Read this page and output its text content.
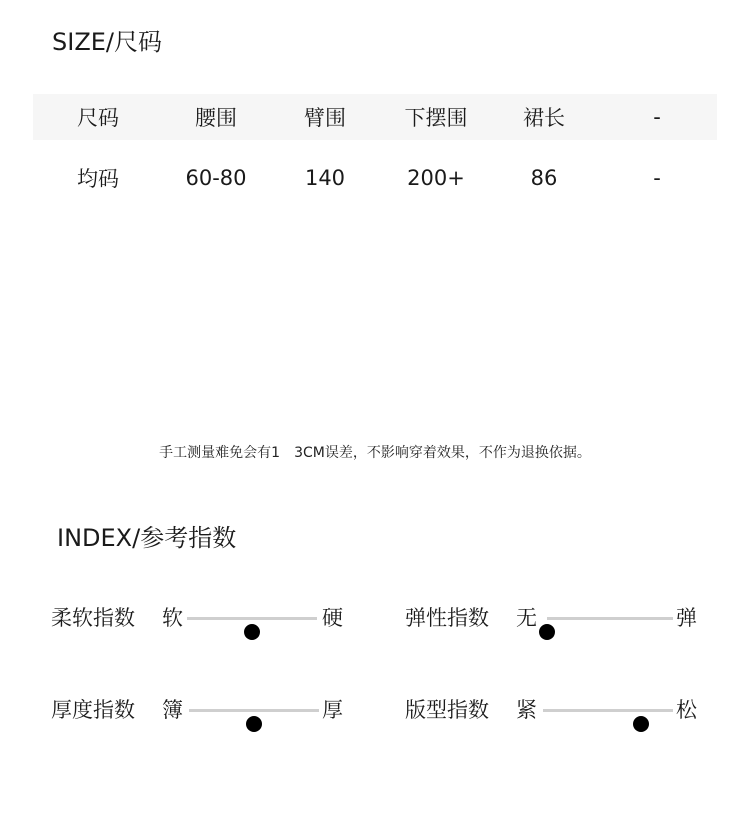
SIZE/尺码
尺码	腰围	臂围	下摆围	裙长	-
均码	60-80	140	200+	86	-
手工测量难免会有1　3CM误差，不影响穿着效果，不作为退换依据。
INDEX/参考指数
柔软指数 软	硬	弹性指数 无	弹
厚度指数 簿	厚	版型指数 紧	松
